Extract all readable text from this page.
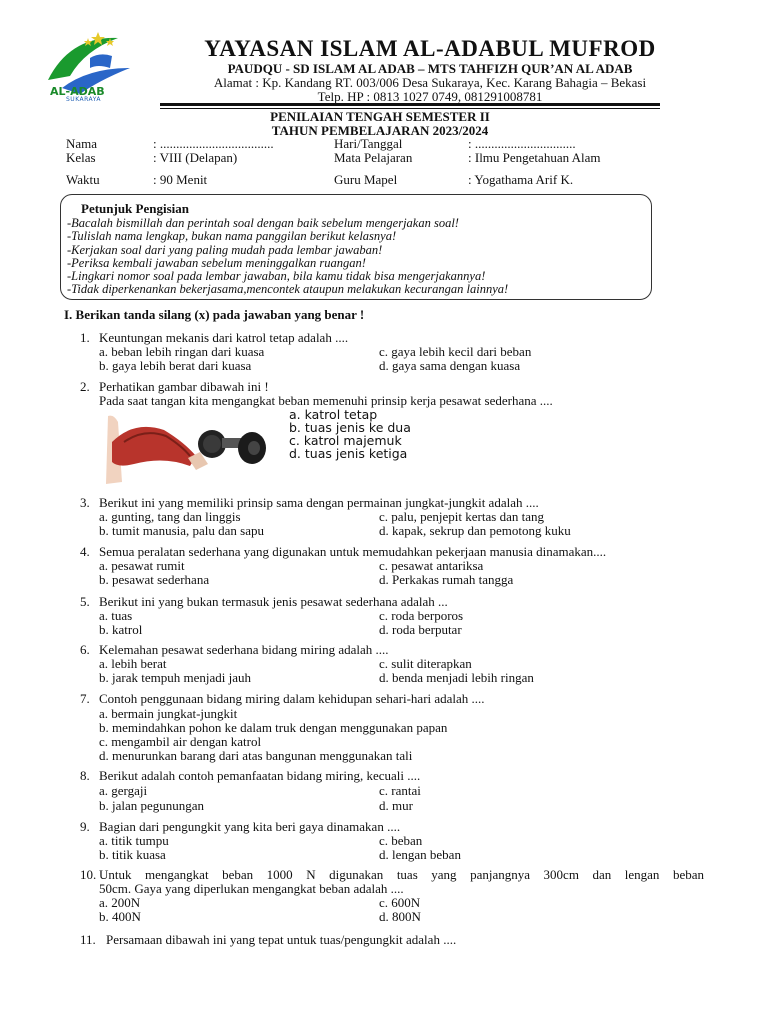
AL-ADAB
SUKARAYA
YAYASAN ISLAM AL-ADABUL MUFROD
PAUDQU - SD ISLAM AL ADAB – MTS TAHFIZH QUR’AN AL ADAB
Alamat : Kp. Kandang RT. 003/006 Desa Sukaraya, Kec. Karang Bahagia – Bekasi
Telp. HP : 0813 1027 0749, 081291008781
PENILAIAN TENGAH SEMESTER II
TAHUN PEMBELAJARAN 2023/2024
Nama	: ...................................	Hari/Tanggal	: ...............................
Kelas	: VIII (Delapan)	Mata Pelajaran	: Ilmu Pengetahuan Alam
Waktu	: 90 Menit	Guru Mapel	: Yogathama Arif K.
Petunjuk Pengisian
-Bacalah bismillah dan perintah soal dengan baik sebelum mengerjakan soal!
-Tulislah nama lengkap, bukan nama panggilan berikut kelasnya!
-Kerjakan soal dari yang paling mudah pada lembar jawaban!
-Periksa kembali jawaban sebelum meninggalkan ruangan!
-Lingkari nomor soal pada lembar jawaban, bila kamu tidak bisa mengerjakannya!
-Tidak diperkenankan bekerjasama,mencontek ataupun melakukan kecurangan lainnya!
I. Berikan tanda silang (x) pada jawaban yang benar !
1. Keuntungan mekanis dari katrol tetap adalah ....
a. beban lebih ringan dari kuasa
b. gaya lebih berat dari kuasa
c. gaya lebih kecil dari beban
d. gaya sama dengan kuasa
2. Perhatikan gambar dibawah ini !
Pada saat tangan kita mengangkat beban memenuhi prinsip kerja pesawat sederhana ....
a. katrol tetap
b. tuas jenis ke dua
c. katrol majemuk
d. tuas jenis ketiga
3. Berikut ini yang memiliki prinsip sama dengan permainan jungkat-jungkit adalah ....
a. gunting, tang dan linggis
b. tumit manusia, palu dan sapu
c. palu, penjepit kertas dan tang
d. kapak, sekrup dan pemotong kuku
4. Semua peralatan sederhana yang digunakan untuk memudahkan pekerjaan manusia dinamakan....
a. pesawat rumit
b. pesawat sederhana
c. pesawat antariksa
d. Perkakas rumah tangga
5. Berikut ini yang bukan termasuk jenis pesawat sederhana adalah ...
a. tuas
b. katrol
c. roda berporos
d. roda berputar
6. Kelemahan pesawat sederhana bidang miring adalah ....
a. lebih berat
b. jarak tempuh menjadi jauh
c. sulit diterapkan
d. benda menjadi lebih ringan
7. Contoh penggunaan bidang miring dalam kehidupan sehari-hari adalah ....
a. bermain jungkat-jungkit
b. memindahkan pohon ke dalam truk dengan menggunakan papan
c. mengambil air dengan katrol
d. menurunkan barang dari atas bangunan menggunakan tali
8. Berikut adalah contoh pemanfaatan bidang miring, kecuali ....
a. gergaji
b. jalan pegunungan
c. rantai
d. mur
9. Bagian dari pengungkit yang kita beri gaya dinamakan ....
a. titik tumpu
b. titik kuasa
c. beban
d. lengan beban
10. Untuk mengangkat beban 1000 N digunakan tuas yang panjangnya 300cm dan lengan beban
50cm. Gaya yang diperlukan mengangkat beban adalah ....
a. 200N
b. 400N
c. 600N
d. 800N
11. Persamaan dibawah ini yang tepat untuk tuas/pengungkit adalah ....
